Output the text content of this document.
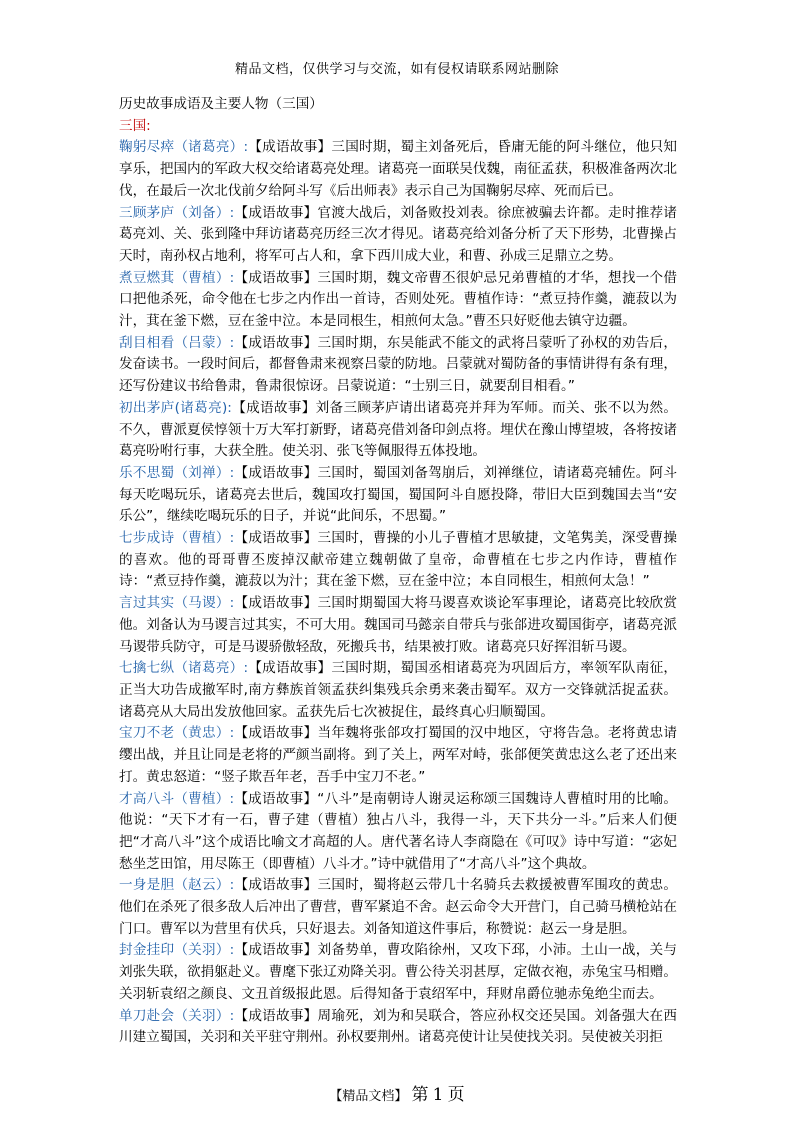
精品文档，仅供学习与交流，如有侵权请联系网站删除

历史故事成语及主要人物（三国）

三国:

鞠躬尽瘁（诸葛亮）:【成语故事】三国时期，蜀主刘备死后，昏庸无能的阿斗继位，他只知享乐，把国内的军政大权交给诸葛亮处理。诸葛亮一面联吴伐魏，南征孟获，积极准备两次北伐，在最后一次北伐前夕给阿斗写《后出师表》表示自己为国鞠躬尽瘁、死而后已。

三顾茅庐（刘备）:【成语故事】官渡大战后，刘备败投刘表。徐庶被骗去许都。走时推荐诸葛亮刘、关、张到隆中拜访诸葛亮历经三次才得见。诸葛亮给刘备分析了天下形势，北曹操占天时，南孙权占地利，将军可占人和，拿下西川成大业，和曹、孙成三足鼎立之势。

煮豆燃萁（曹植）:【成语故事】三国时期，魏文帝曹丕很妒忌兄弟曹植的才华，想找一个借口把他杀死，命令他在七步之内作出一首诗，否则处死。曹植作诗：“煮豆持作羹，漉菽以为汁，萁在釜下燃，豆在釜中泣。本是同根生，相煎何太急。”曹丕只好贬他去镇守边疆。

刮目相看（吕蒙）:【成语故事】三国时期，东吴能武不能文的武将吕蒙听了孙权的劝告后，发奋读书。一段时间后，都督鲁肃来视察吕蒙的防地。吕蒙就对蜀防备的事情讲得有条有理，还写份建议书给鲁肃，鲁肃很惊讶。吕蒙说道：“士别三日，就要刮目相看。”

初出茅庐(诸葛亮):【成语故事】刘备三顾茅庐请出诸葛亮并拜为军师。而关、张不以为然。不久，曹派夏侯惇领十万大军打新野，诸葛亮借刘备印剑点将。埋伏在豫山博望坡，各将按诸葛亮吩咐行事，大获全胜。使关羽、张飞等佩服得五体投地。

乐不思蜀（刘禅）:【成语故事】三国时，蜀国刘备驾崩后，刘禅继位，请诸葛亮辅佐。阿斗每天吃喝玩乐，诸葛亮去世后，魏国攻打蜀国，蜀国阿斗自愿投降，带旧大臣到魏国去当“安乐公”，继续吃喝玩乐的日子，并说“此间乐，不思蜀。”

七步成诗（曹植）:【成语故事】三国时，曹操的小儿子曹植才思敏捷，文笔隽美，深受曹操的喜欢。他的哥哥曹丕废掉汉献帝建立魏朝做了皇帝，命曹植在七步之内作诗，曹植作诗：“煮豆持作羹，漉菽以为汁；萁在釜下燃，豆在釜中泣；本自同根生，相煎何太急！”

言过其实（马谡）:【成语故事】三国时期蜀国大将马谡喜欢谈论军事理论，诸葛亮比较欣赏他。刘备认为马谡言过其实，不可大用。魏国司马懿亲自带兵与张郃进攻蜀国街亭，诸葛亮派马谡带兵防守，可是马谡骄傲轻敌，死搬兵书，结果被打败。诸葛亮只好挥泪斩马谡。

七擒七纵（诸葛亮）:【成语故事】三国时期，蜀国丞相诸葛亮为巩固后方，率领军队南征，正当大功告成撤军时,南方彝族首领孟获纠集残兵余勇来袭击蜀军。双方一交锋就活捉孟获。诸葛亮从大局出发放他回家。孟获先后七次被捉住，最终真心归顺蜀国。

宝刀不老（黄忠）:【成语故事】当年魏将张郃攻打蜀国的汉中地区，守将告急。老将黄忠请缨出战，并且让同是老将的严颜当副将。到了关上，两军对峙，张郃便笑黄忠这么老了还出来打。黄忠怒道：“竖子欺吾年老，吾手中宝刀不老。”

才高八斗（曹植）:【成语故事】“八斗”是南朝诗人谢灵运称颂三国魏诗人曹植时用的比喻。他说：“天下才有一石，曹子建（曹植）独占八斗，我得一斗，天下共分一斗。”后来人们便把“才高八斗”这个成语比喻文才高超的人。唐代著名诗人李商隐在《可叹》诗中写道：“宓妃愁坐芝田馆，用尽陈王（即曹植）八斗才。”诗中就借用了“才高八斗”这个典故。

一身是胆（赵云）:【成语故事】三国时，蜀将赵云带几十名骑兵去救援被曹军围攻的黄忠。他们在杀死了很多敌人后冲出了曹营，曹军紧追不舍。赵云命令大开营门，自己骑马横枪站在门口。曹军以为营里有伏兵，只好退去。刘备知道这件事后，称赞说：赵云一身是胆。

封金挂印（关羽）:【成语故事】刘备势单，曹攻陷徐州，又攻下邳，小沛。土山一战，关与刘张失联，欲捐躯赴义。曹麾下张辽劝降关羽。曹公待关羽甚厚，定做衣袍，赤兔宝马相赠。关羽斩袁绍之颜良、文丑首级报此恩。后得知备于袁绍军中，拜财帛爵位驰赤兔绝尘而去。

单刀赴会（关羽）:【成语故事】周瑜死，刘为和吴联合，答应孙权交还吴国。刘备强大在西川建立蜀国，关羽和关平驻守荆州。孙权要荆州。诸葛亮使计让吴使找关羽。吴使被关羽拒

【精品文档】 第 1 页
